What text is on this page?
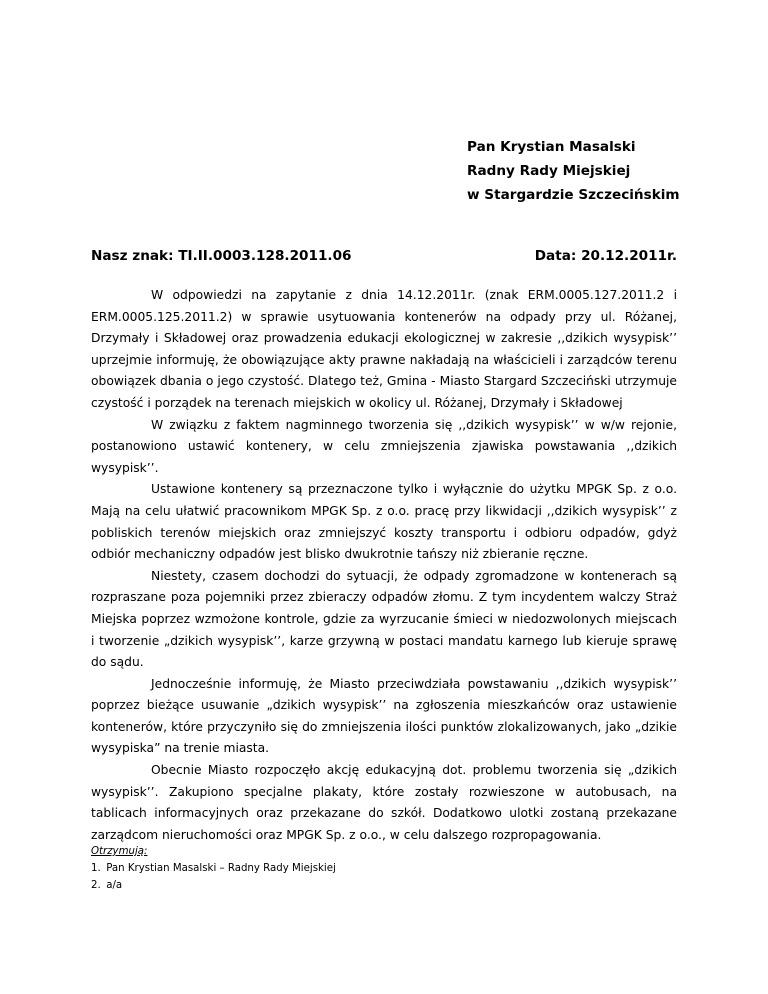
Pan Krystian Masalski
Radny Rady Miejskiej
w Stargardzie Szczecińskim
Nasz znak: TI.II.0003.128.2011.06	Data: 20.12.2011r.

W odpowiedzi na zapytanie z dnia 14.12.2011r. (znak ERM.0005.127.2011.2 i ERM.0005.125.2011.2) w sprawie usytuowania kontenerów na odpady przy ul. Różanej, Drzymały i Składowej oraz prowadzenia edukacji ekologicznej w zakresie ,,dzikich wysypisk’’ uprzejmie informuję, że obowiązujące akty prawne nakładają na właścicieli i zarządców terenu obowiązek dbania o jego czystość. Dlatego też, Gmina - Miasto Stargard Szczeciński utrzymuje czystość i porządek na terenach miejskich w okolicy ul. Różanej, Drzymały i Składowej

W związku z faktem nagminnego tworzenia się ,,dzikich wysypisk’’ w w/w rejonie, postanowiono ustawić kontenery, w celu zmniejszenia zjawiska powstawania ,,dzikich wysypisk’’.

Ustawione kontenery są przeznaczone tylko i wyłącznie do użytku MPGK Sp. z o.o. Mają na celu ułatwić pracownikom MPGK Sp. z o.o. pracę przy likwidacji ,,dzikich wysypisk’’ z pobliskich terenów miejskich oraz zmniejszyć koszty transportu i odbioru odpadów, gdyż odbiór mechaniczny odpadów jest blisko dwukrotnie tańszy niż zbieranie ręczne.

Niestety, czasem dochodzi do sytuacji, że odpady zgromadzone w kontenerach są rozpraszane poza pojemniki przez zbieraczy odpadów złomu. Z tym incydentem walczy Straż Miejska poprzez wzmożone kontrole, gdzie za wyrzucanie śmieci w niedozwolonych miejscach i tworzenie „dzikich wysypisk’’, karze grzywną w postaci mandatu karnego lub kieruje sprawę do sądu.

Jednocześnie informuję, że Miasto przeciwdziała powstawaniu ,,dzikich wysypisk’’ poprzez bieżące usuwanie „dzikich wysypisk’’ na zgłoszenia mieszkańców oraz ustawienie kontenerów, które przyczyniło się do zmniejszenia ilości punktów zlokalizowanych, jako „dzikie wysypiska” na trenie miasta.

Obecnie Miasto rozpoczęło akcję edukacyjną dot. problemu tworzenia się „dzikich wysypisk’’. Zakupiono specjalne plakaty, które zostały rozwieszone w autobusach, na tablicach informacyjnych oraz przekazane do szkół. Dodatkowo ulotki zostaną przekazane zarządcom nieruchomości oraz MPGK Sp. z o.o., w celu dalszego rozpropagowania.

Otrzymują:
1. Pan Krystian Masalski – Radny Rady Miejskiej
2. a/a
